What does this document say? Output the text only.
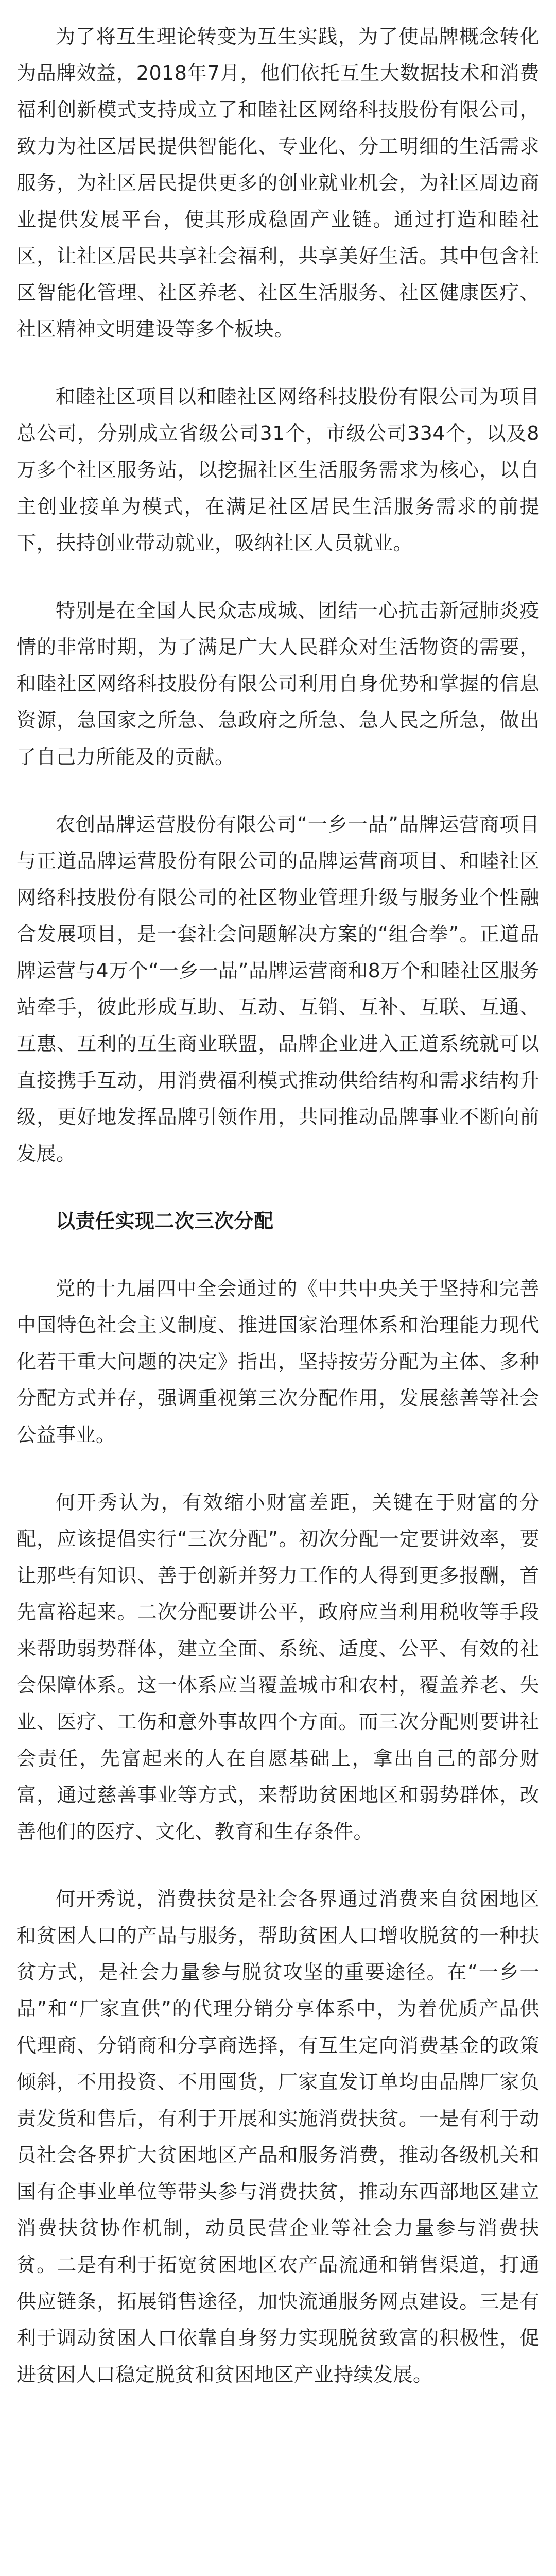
为了将互生理论转变为互生实践，为了使品牌概念转化为品牌效益，2018年7月，他们依托互生大数据技术和消费福利创新模式支持成立了和睦社区网络科技股份有限公司，致力为社区居民提供智能化、专业化、分工明细的生活需求服务，为社区居民提供更多的创业就业机会，为社区周边商业提供发展平台，使其形成稳固产业链。通过打造和睦社区，让社区居民共享社会福利，共享美好生活。其中包含社区智能化管理、社区养老、社区生活服务、社区健康医疗、社区精神文明建设等多个板块。

和睦社区项目以和睦社区网络科技股份有限公司为项目总公司，分别成立省级公司31个，市级公司334个，以及8万多个社区服务站，以挖掘社区生活服务需求为核心，以自主创业接单为模式，在满足社区居民生活服务需求的前提下，扶持创业带动就业，吸纳社区人员就业。

特别是在全国人民众志成城、团结一心抗击新冠肺炎疫情的非常时期，为了满足广大人民群众对生活物资的需要，和睦社区网络科技股份有限公司利用自身优势和掌握的信息资源，急国家之所急、急政府之所急、急人民之所急，做出了自己力所能及的贡献。

农创品牌运营股份有限公司“一乡一品”品牌运营商项目与正道品牌运营股份有限公司的品牌运营商项目、和睦社区网络科技股份有限公司的社区物业管理升级与服务业个性融合发展项目，是一套社会问题解决方案的“组合拳”。正道品牌运营与4万个“一乡一品”品牌运营商和8万个和睦社区服务站牵手，彼此形成互助、互动、互销、互补、互联、互通、互惠、互利的互生商业联盟，品牌企业进入正道系统就可以直接携手互动，用消费福利模式推动供给结构和需求结构升级，更好地发挥品牌引领作用，共同推动品牌事业不断向前发展。

以责任实现二次三次分配

党的十九届四中全会通过的《中共中央关于坚持和完善中国特色社会主义制度、推进国家治理体系和治理能力现代化若干重大问题的决定》指出，坚持按劳分配为主体、多种分配方式并存，强调重视第三次分配作用，发展慈善等社会公益事业。

何开秀认为，有效缩小财富差距，关键在于财富的分配，应该提倡实行“三次分配”。初次分配一定要讲效率，要让那些有知识、善于创新并努力工作的人得到更多报酬，首先富裕起来。二次分配要讲公平，政府应当利用税收等手段来帮助弱势群体，建立全面、系统、适度、公平、有效的社会保障体系。这一体系应当覆盖城市和农村，覆盖养老、失业、医疗、工伤和意外事故四个方面。而三次分配则要讲社会责任，先富起来的人在自愿基础上，拿出自己的部分财富，通过慈善事业等方式，来帮助贫困地区和弱势群体，改善他们的医疗、文化、教育和生存条件。

何开秀说，消费扶贫是社会各界通过消费来自贫困地区和贫困人口的产品与服务，帮助贫困人口增收脱贫的一种扶贫方式，是社会力量参与脱贫攻坚的重要途径。在“一乡一品”和“厂家直供”的代理分销分享体系中，为着优质产品供代理商、分销商和分享商选择，有互生定向消费基金的政策倾斜，不用投资、不用囤货，厂家直发订单均由品牌厂家负责发货和售后，有利于开展和实施消费扶贫。一是有利于动员社会各界扩大贫困地区产品和服务消费，推动各级机关和国有企事业单位等带头参与消费扶贫，推动东西部地区建立消费扶贫协作机制，动员民营企业等社会力量参与消费扶贫。二是有利于拓宽贫困地区农产品流通和销售渠道，打通供应链条，拓展销售途径，加快流通服务网点建设。三是有利于调动贫困人口依靠自身努力实现脱贫致富的积极性，促进贫困人口稳定脱贫和贫困地区产业持续发展。
